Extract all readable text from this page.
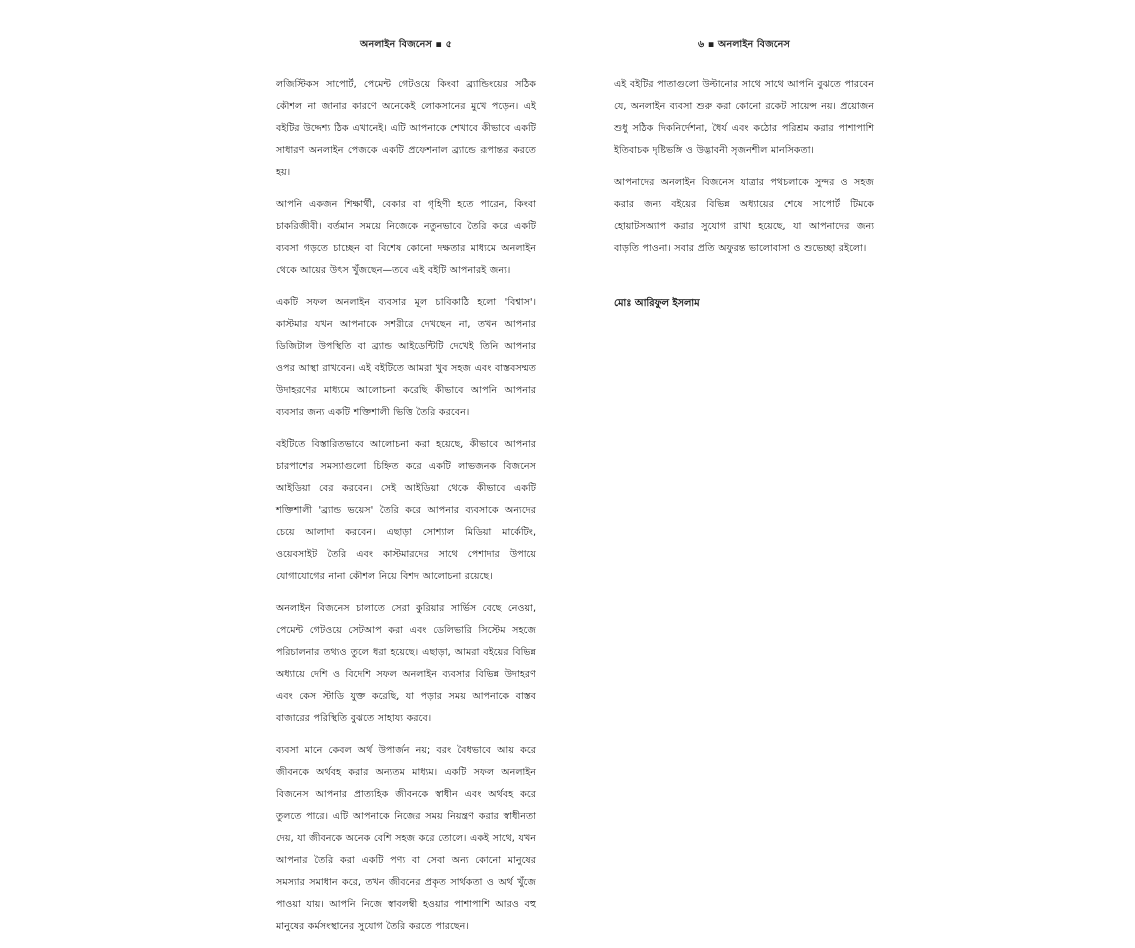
অনলাইন বিজনেস ▪ ৫

লজিস্টিকস সাপোর্ট, পেমেন্ট গেটওয়ে কিংবা ব্র্যান্ডিংয়ের সঠিক কৌশল না জানার কারণে অনেকেই লোকসানের মুখে পড়েন। এই বইটির উদ্দেশ্য ঠিক এখানেই। এটি আপনাকে শেখাবে কীভাবে একটি সাধারণ অনলাইন পেজকে একটি প্রফেশনাল ব্র্যান্ডে রূপান্তর করতে হয়।

আপনি একজন শিক্ষার্থী, বেকার বা গৃহিণী হতে পারেন, কিংবা চাকরিজীবী। বর্তমান সময়ে নিজেকে নতুনভাবে তৈরি করে একটি ব্যবসা গড়তে চাচ্ছেন বা বিশেষ কোনো দক্ষতার মাধ্যমে অনলাইন থেকে আয়ের উৎস খুঁজছেন—তবে এই বইটি আপনারই জন্য।

একটি সফল অনলাইন ব্যবসার মূল চাবিকাঠি হলো 'বিশ্বাস'। কাস্টমার যখন আপনাকে সশরীরে দেখছেন না, তখন আপনার ডিজিটাল উপস্থিতি বা ব্র্যান্ড আইডেন্টিটি দেখেই তিনি আপনার ওপর আস্থা রাখবেন। এই বইটিতে আমরা খুব সহজ এবং বাস্তবসম্মত উদাহরণের মাধ্যমে আলোচনা করেছি কীভাবে আপনি আপনার ব্যবসার জন্য একটি শক্তিশালী ভিত্তি তৈরি করবেন।

বইটিতে বিস্তারিতভাবে আলোচনা করা হয়েছে, কীভাবে আপনার চারপাশের সমস্যাগুলো চিহ্নিত করে একটি লাভজনক বিজনেস আইডিয়া বের করবেন। সেই আইডিয়া থেকে কীভাবে একটি শক্তিশালী 'ব্র্যান্ড ভয়েস' তৈরি করে আপনার ব্যবসাকে অন্যদের চেয়ে আলাদা করবেন। এছাড়া সোশ্যাল মিডিয়া মার্কেটিং, ওয়েবসাইট তৈরি এবং কাস্টমারদের সাথে পেশাদার উপায়ে যোগাযোগের নানা কৌশল নিয়ে বিশদ আলোচনা রয়েছে।

অনলাইন বিজনেস চালাতে সেরা কুরিয়ার সার্ভিস বেছে নেওয়া, পেমেন্ট গেটওয়ে সেটআপ করা এবং ডেলিভারি সিস্টেম সহজে পরিচালনার তথ্যও তুলে ধরা হয়েছে। এছাড়া, আমরা বইয়ের বিভিন্ন অধ্যায়ে দেশি ও বিদেশি সফল অনলাইন ব্যবসার বিভিন্ন উদাহরণ এবং কেস স্টাডি যুক্ত করেছি, যা পড়ার সময় আপনাকে বাস্তব বাজারের পরিস্থিতি বুঝতে সাহায্য করবে।

ব্যবসা মানে কেবল অর্থ উপার্জন নয়; বরং বৈধভাবে আয় করে জীবনকে অর্থবহ করার অন্যতম মাধ্যম। একটি সফল অনলাইন বিজনেস আপনার প্রাত্যহিক জীবনকে স্বাধীন এবং অর্থবহ করে তুলতে পারে। এটি আপনাকে নিজের সময় নিয়ন্ত্রণ করার স্বাধীনতা দেয়, যা জীবনকে অনেক বেশি সহজ করে তোলে। একই সাথে, যখন আপনার তৈরি করা একটি পণ্য বা সেবা অন্য কোনো মানুষের সমস্যার সমাধান করে, তখন জীবনের প্রকৃত সার্থকতা ও অর্থ খুঁজে পাওয়া যায়। আপনি নিজে স্বাবলম্বী হওয়ার পাশাপাশি আরও বহু মানুষের কর্মসংস্থানের সুযোগ তৈরি করতে পারছেন।

৬ ▪ অনলাইন বিজনেস

এই বইটির পাতাগুলো উল্টানোর সাথে সাথে আপনি বুঝতে পারবেন যে, অনলাইন ব্যবসা শুরু করা কোনো রকেট সায়েন্স নয়। প্রয়োজন শুধু সঠিক দিকনির্দেশনা, ধৈর্য এবং কঠোর পরিশ্রম করার পাশাপাশি ইতিবাচক দৃষ্টিভঙ্গি ও উদ্ভাবনী সৃজনশীল মানসিকতা।

আপনাদের অনলাইন বিজনেস যাত্রার পথচলাকে সুন্দর ও সহজ করার জন্য বইয়ের বিভিন্ন অধ্যায়ের শেষে সাপোর্ট টিমকে হোয়াটসঅ্যাপ করার সুযোগ রাখা হয়েছে, যা আপনাদের জন্য বাড়তি পাওনা। সবার প্রতি অফুরন্ত ভালোবাসা ও শুভেচ্ছা রইলো।

মোঃ আরিফুল ইসলাম
